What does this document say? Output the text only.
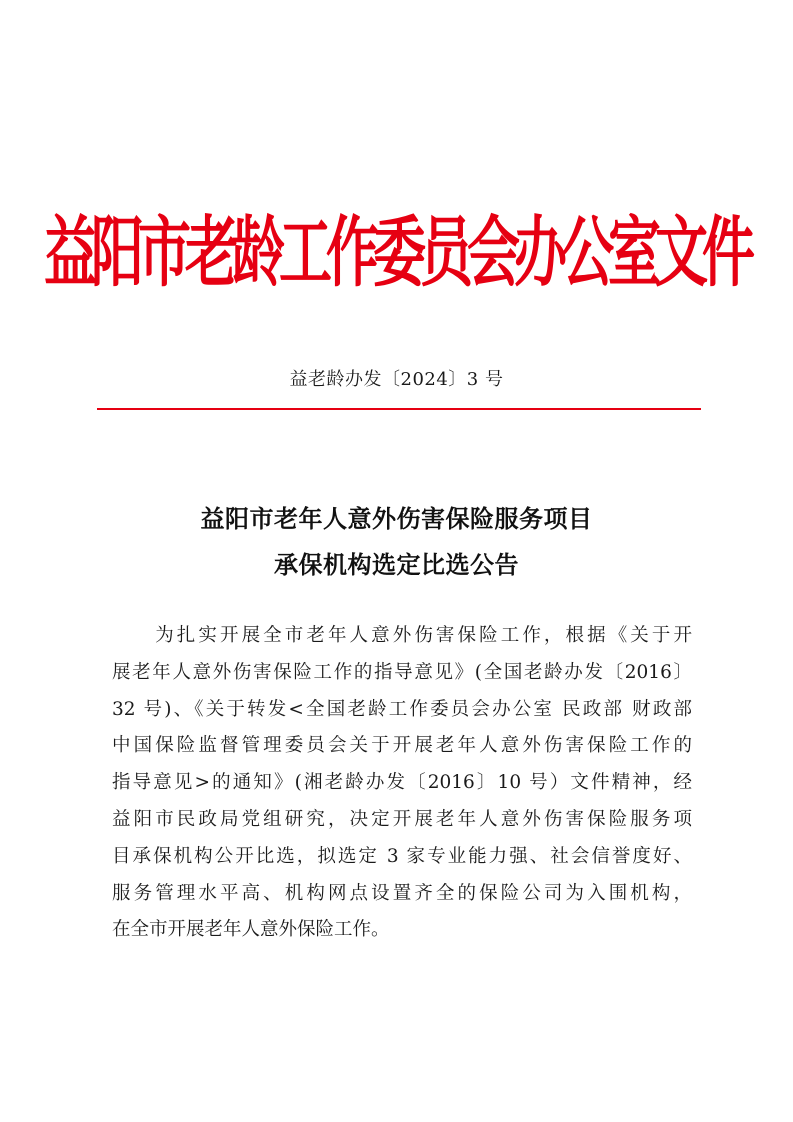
益阳市老龄工作委员会办公室文件
益老龄办发〔2024〕3 号
益阳市老年人意外伤害保险服务项目
承保机构选定比选公告
　　为扎实开展全市老年人意外伤害保险工作，根据《关于开
展老年人意外伤害保险工作的指导意见》(全国老龄办发〔2016〕
32 号)、《关于转发<全国老龄工作委员会办公室 民政部 财政部
中国保险监督管理委员会关于开展老年人意外伤害保险工作的
指导意见>的通知》(湘老龄办发〔2016〕10 号）文件精神，经
益阳市民政局党组研究，决定开展老年人意外伤害保险服务项
目承保机构公开比选，拟选定 3 家专业能力强、社会信誉度好、
服务管理水平高、机构网点设置齐全的保险公司为入围机构，
在全市开展老年人意外保险工作。
